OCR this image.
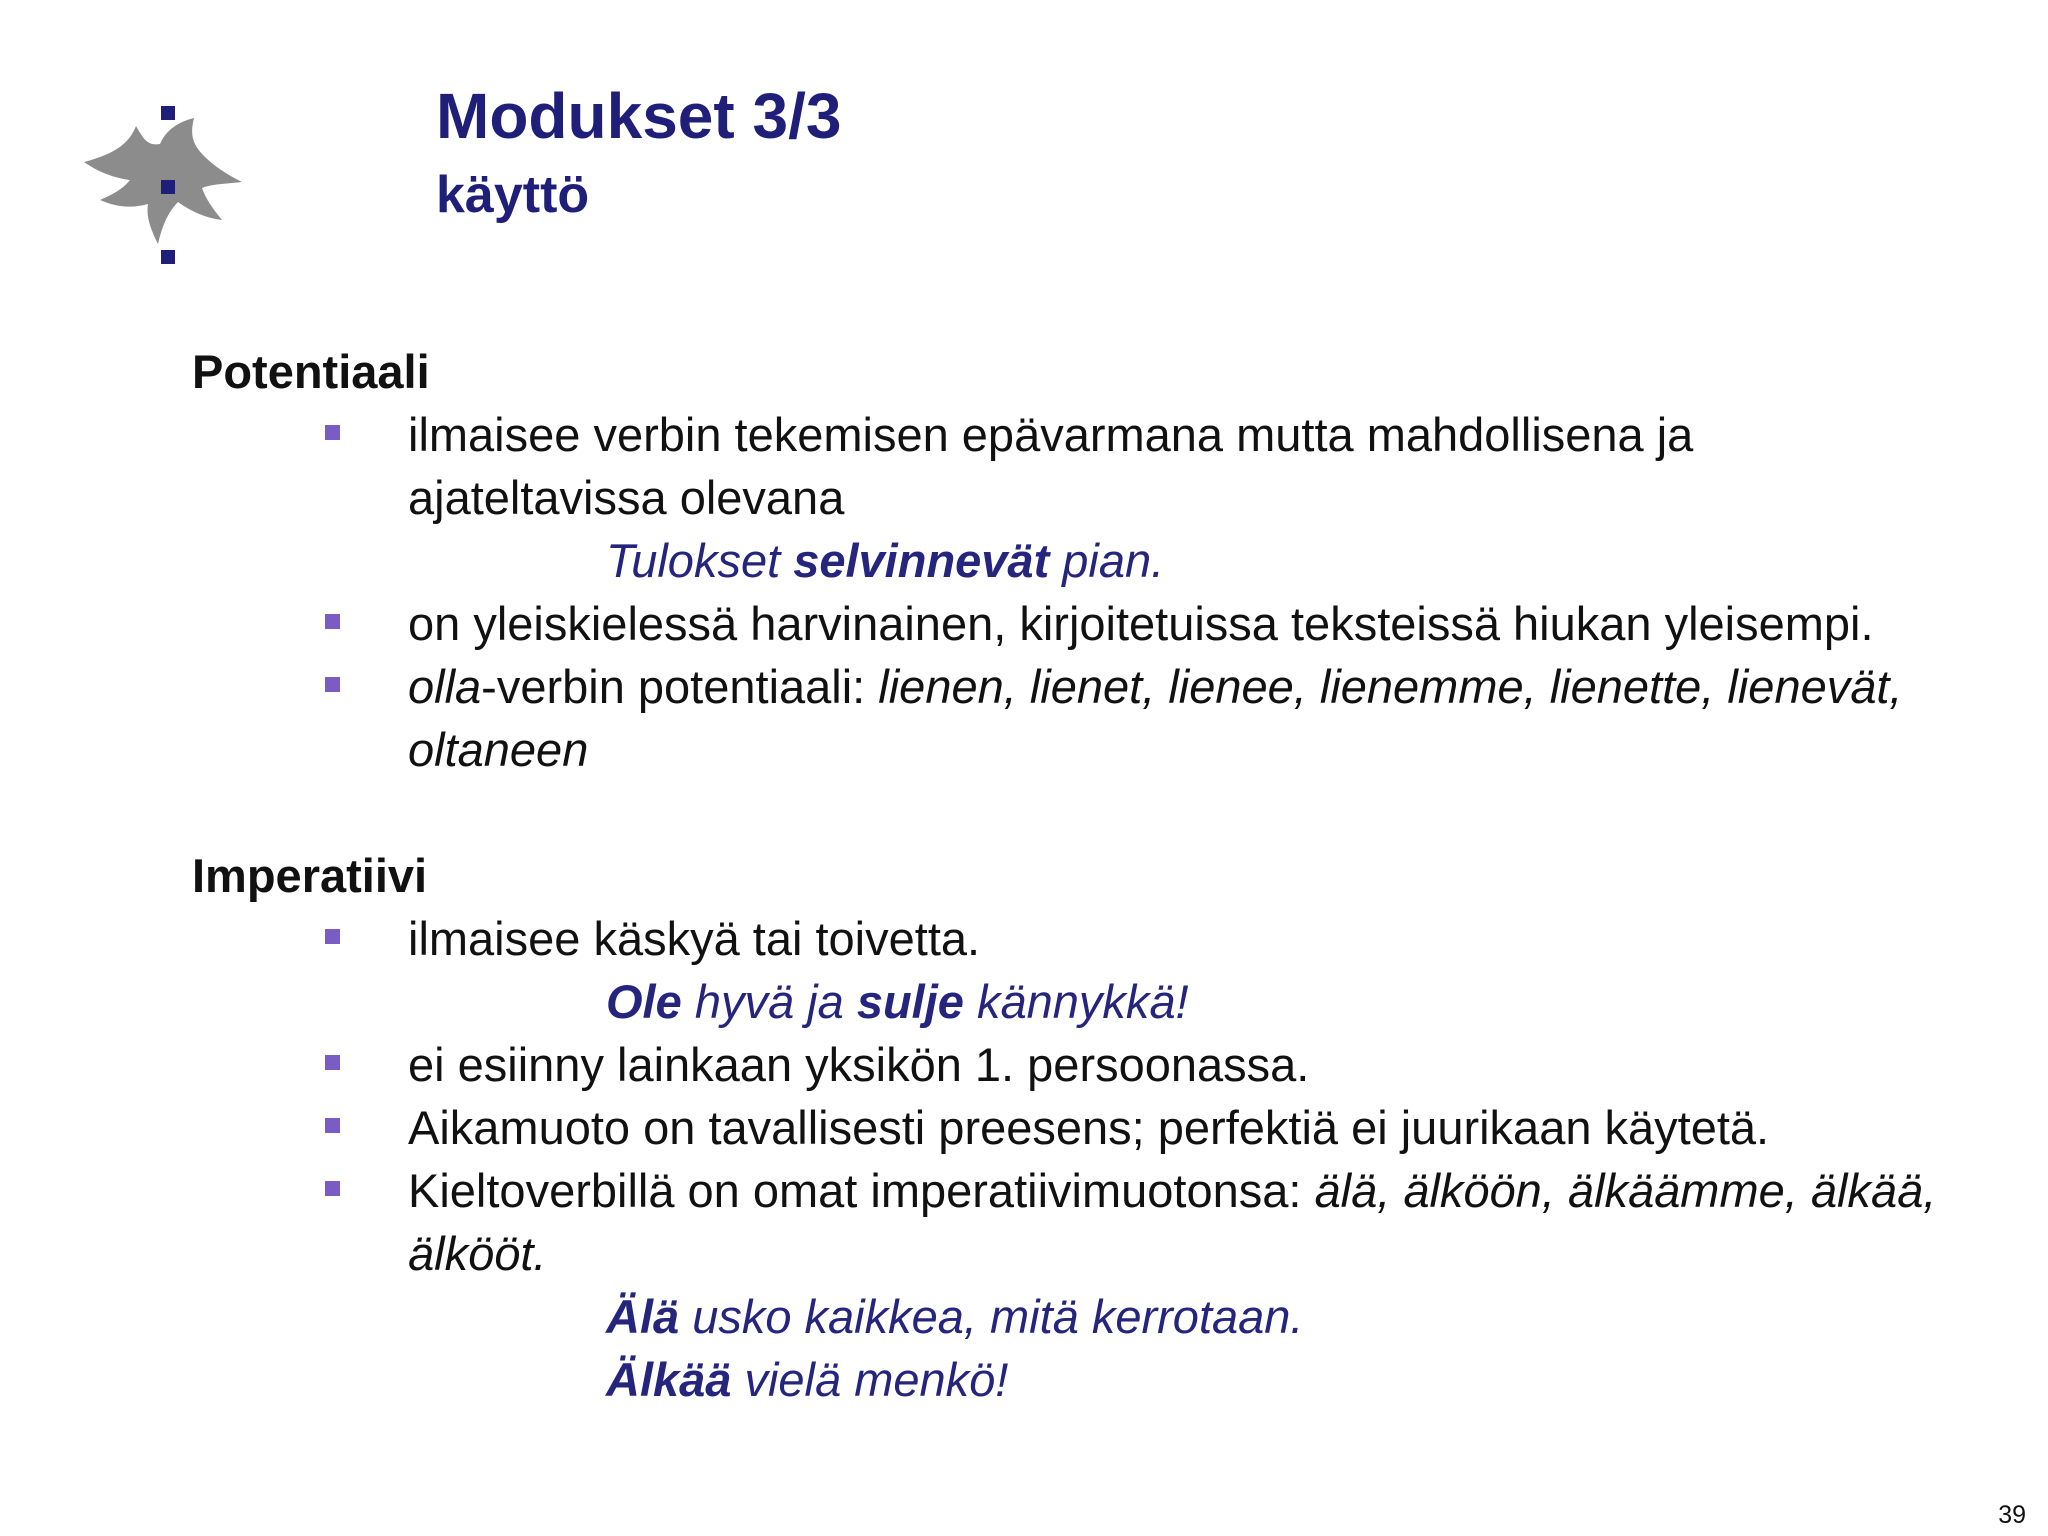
Modukset 3/3
käyttö

Potentiaali

ilmaisee verbin tekemisen epävarmana mutta mahdollisena ja ajateltavissa olevana
Tulokset selvinnevät pian.
on yleiskielessä harvinainen, kirjoitetuissa teksteissä hiukan yleisempi.
olla-verbin potentiaali: lienen, lienet, lienee, lienemme, lienette, lienevät, oltaneen

Imperatiivi

ilmaisee käskyä tai toivetta.
Ole hyvä ja sulje kännykkä!
ei esiinny lainkaan yksikön 1. persoonassa.
Aikamuoto on tavallisesti preesens; perfektiä ei juurikaan käytetä.
Kieltoverbillä on omat imperatiivimuotonsa: älä, älköön, älkäämme, älkää, älkööt.
Älä usko kaikkea, mitä kerrotaan.
Älkää vielä menkö!
39
